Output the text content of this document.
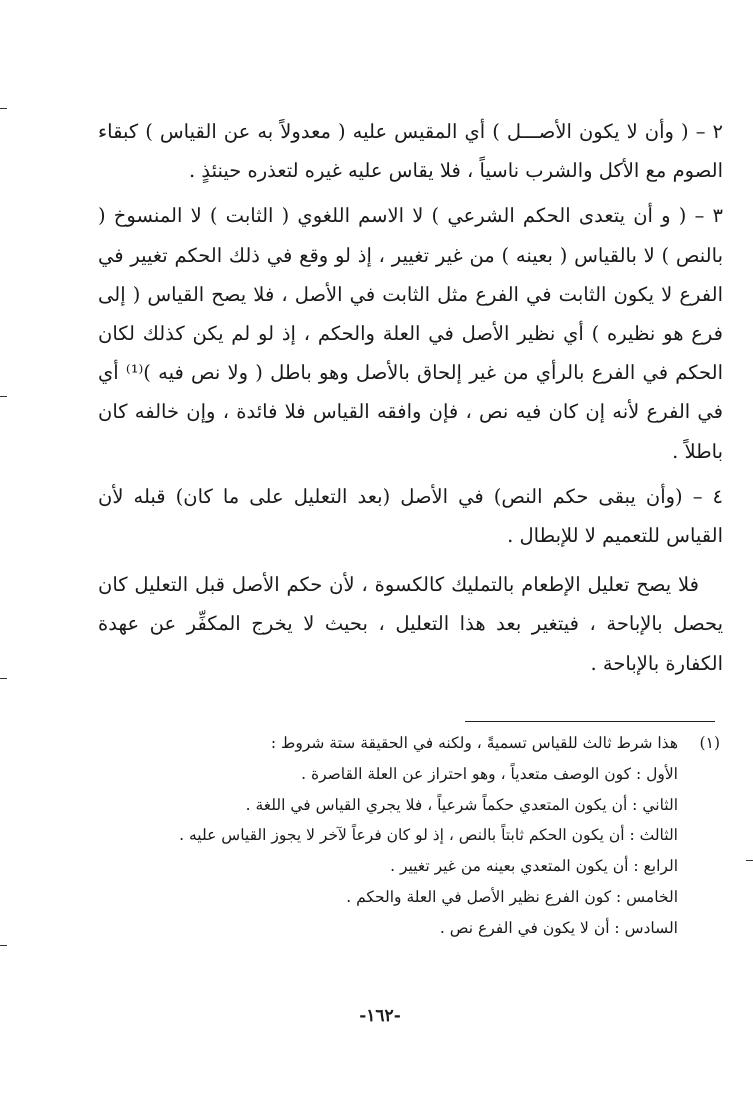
٢ – ( وأن لا يكون الأصـــل ) أي المقيس عليه ( معدولاً به عن القياس ) كبقاء الصوم مع الأكل والشرب ناسياً ، فلا يقاس عليه غيره لتعذره حينئذٍ .

٣ – ( و أن يتعدى الحكم الشرعي ) لا الاسم اللغوي ( الثابت ) لا المنسوخ ( بالنص ) لا بالقياس ( بعينه ) من غير تغيير ، إذ لو وقع في ذلك الحكم تغيير في الفرع لا يكون الثابت في الفرع مثل الثابت في الأصل ، فلا يصح القياس ( إلى فرع هو نظيره ) أي نظير الأصل في العلة والحكم ، إذ لو لم يكن كذلك لكان الحكم في الفرع بالرأي من غير إلحاق بالأصل وهو باطل ( ولا نص فيه )⁽¹⁾ أي في الفرع لأنه إن كان فيه نص ، فإن وافقه القياس فلا فائدة ، وإن خالفه كان باطلاً .

٤ – (وأن يبقى حكم النص) في الأصل (بعد التعليل على ما كان) قبله لأن القياس للتعميم لا للإبطال .

فلا يصح تعليل الإطعام بالتمليك كالكسوة ، لأن حكم الأصل قبل التعليل كان يحصل بالإباحة ، فيتغير بعد هذا التعليل ، بحيث لا يخرج المكفِّر عن عهدة الكفارة بالإباحة .

(١)
هذا شرط ثالث للقياس تسميةً ، ولكنه في الحقيقة ستة شروط :
الأول : كون الوصف متعدياً ، وهو احتراز عن العلة القاصرة .
الثاني : أن يكون المتعدي حكماً شرعياً ، فلا يجري القياس في اللغة .
الثالث : أن يكون الحكم ثابتاً بالنص ، إذ لو كان فرعاً لآخر لا يجوز القياس عليه .
الرابع : أن يكون المتعدي بعينه من غير تغيير .
الخامس : كون الفرع نظير الأصل في العلة والحكم .
السادس : أن لا يكون في الفرع نص .
-١٦٢-
